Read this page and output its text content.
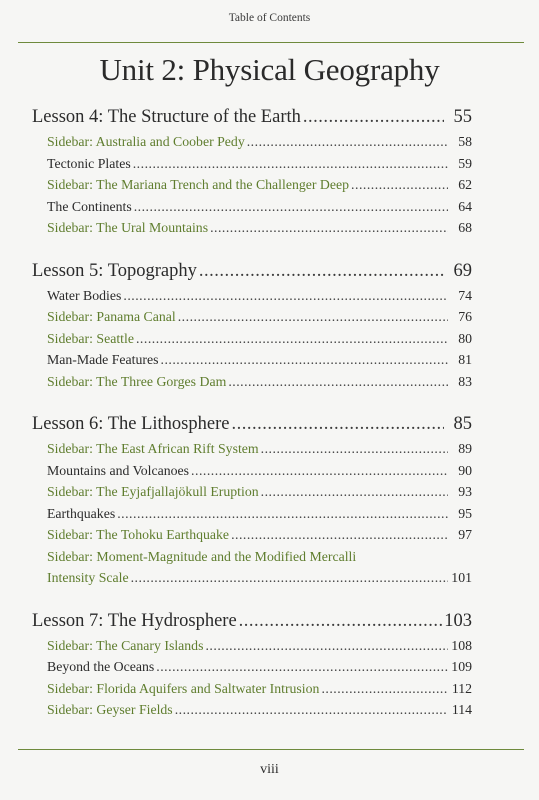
Table of Contents
Unit 2: Physical Geography
Lesson 4: The Structure of the Earth .....	55
Sidebar: Australia and Coober Pedy .....	58
Tectonic Plates .....	59
Sidebar: The Mariana Trench and the Challenger Deep .....	62
The Continents .....	64
Sidebar: The Ural Mountains .....	68
Lesson 5: Topography .....	69
Water Bodies .....	74
Sidebar: Panama Canal .....	76
Sidebar: Seattle .....	80
Man-Made Features .....	81
Sidebar: The Three Gorges Dam .....	83
Lesson 6: The Lithosphere .....	85
Sidebar: The East African Rift System .....	89
Mountains and Volcanoes .....	90
Sidebar: The Eyjafjallajökull Eruption .....	93
Earthquakes .....	95
Sidebar: The Tohoku Earthquake .....	97
Sidebar: Moment-Magnitude and the Modified Mercalli
Intensity Scale .....	101
Lesson 7: The Hydrosphere .....	103
Sidebar: The Canary Islands .....	108
Beyond the Oceans .....	109
Sidebar: Florida Aquifers and Saltwater Intrusion .....	112
Sidebar: Geyser Fields .....	114
viii
